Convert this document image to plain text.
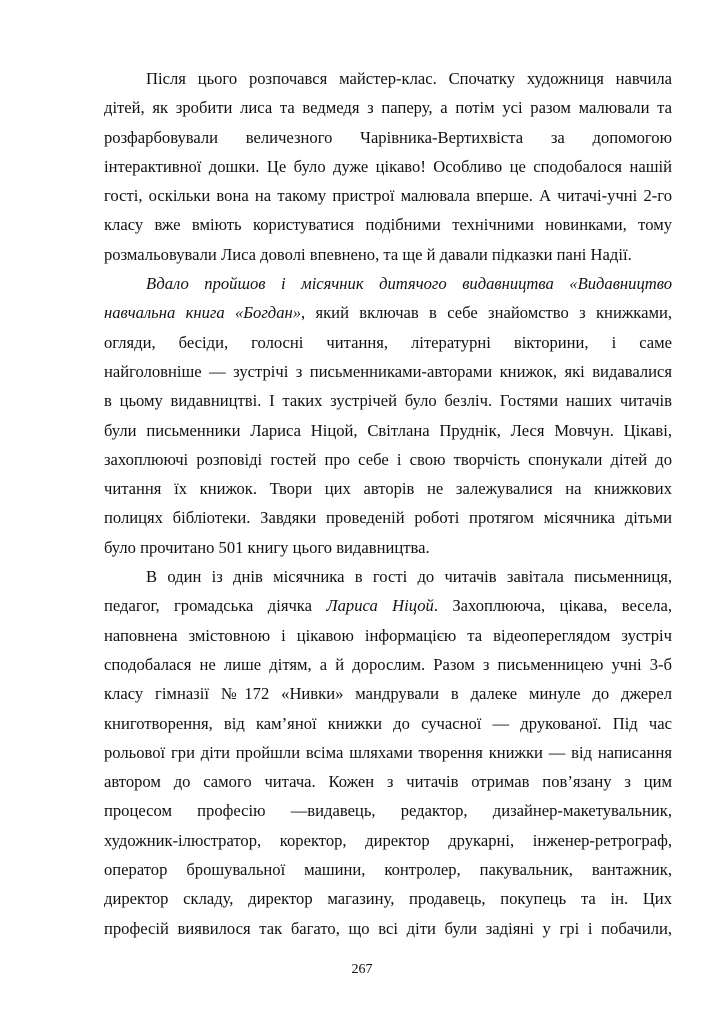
Після цього розпочався майстер-клас. Спочатку художниця навчила
дітей, як зробити лиса та ведмедя з паперу, а потім усі разом малювали та
розфарбовували величезного Чарівника-Вертихвіста за допомогою
інтерактивної дошки. Це було дуже цікаво! Особливо це сподобалося нашій
гості, оскільки вона на такому пристрої малювала вперше. А читачі-учні 2-го
класу вже вміють користуватися подібними технічними новинками, тому
розмальовували Лиса доволі впевнено, та ще й давали підказки пані Надії.

Вдало пройшов і місячник дитячого видавництва «Видавництво
навчальна книга «Богдан», який включав в себе знайомство з книжками,
огляди, бесіди, голосні читання, літературні вікторини, і саме
найголовніше — зустрічі з письменниками-авторами книжок, які видавалися
в цьому видавництві. І таких зустрічей було безліч. Гостями наших читачів
були письменники Лариса Ніцой, Світлана Пруднік, Леся Мовчун. Цікаві,
захоплюючі розповіді гостей про себе і свою творчість спонукали дітей до
читання їх книжок. Твори цих авторів не залежувалися на книжкових
полицях бібліотеки. Завдяки проведеній роботі протягом місячника дітьми
було прочитано 501 книгу цього видавництва.

В один із днів місячника в гості до читачів завітала письменниця,
педагог, громадська діячка Лариса Ніцой. Захоплююча, цікава, весела,
наповнена змістовною і цікавою інформацією та відеопереглядом зустріч
сподобалася не лише дітям, а й дорослим. Разом з письменницею учні 3-б
класу гімназії №172 «Нивки» мандрували в далеке минуле до джерел
книготворення, від кам’яної книжки до сучасної — друкованої. Під час
рольової гри діти пройшли всіма шляхами творення книжки — від написання
автором до самого читача. Кожен з читачів отримав пов’язану з цим
процесом професію —видавець, редактор, дизайнер-макетувальник,
художник-ілюстратор, коректор, директор друкарні, інженер-ретрограф,
оператор брошувальної машини, контролер, пакувальник, вантажник,
директор складу, директор магазину, продавець, покупець та ін. Цих
професій виявилося так багато, що всі діти були задіяні у грі і побачили,

267
